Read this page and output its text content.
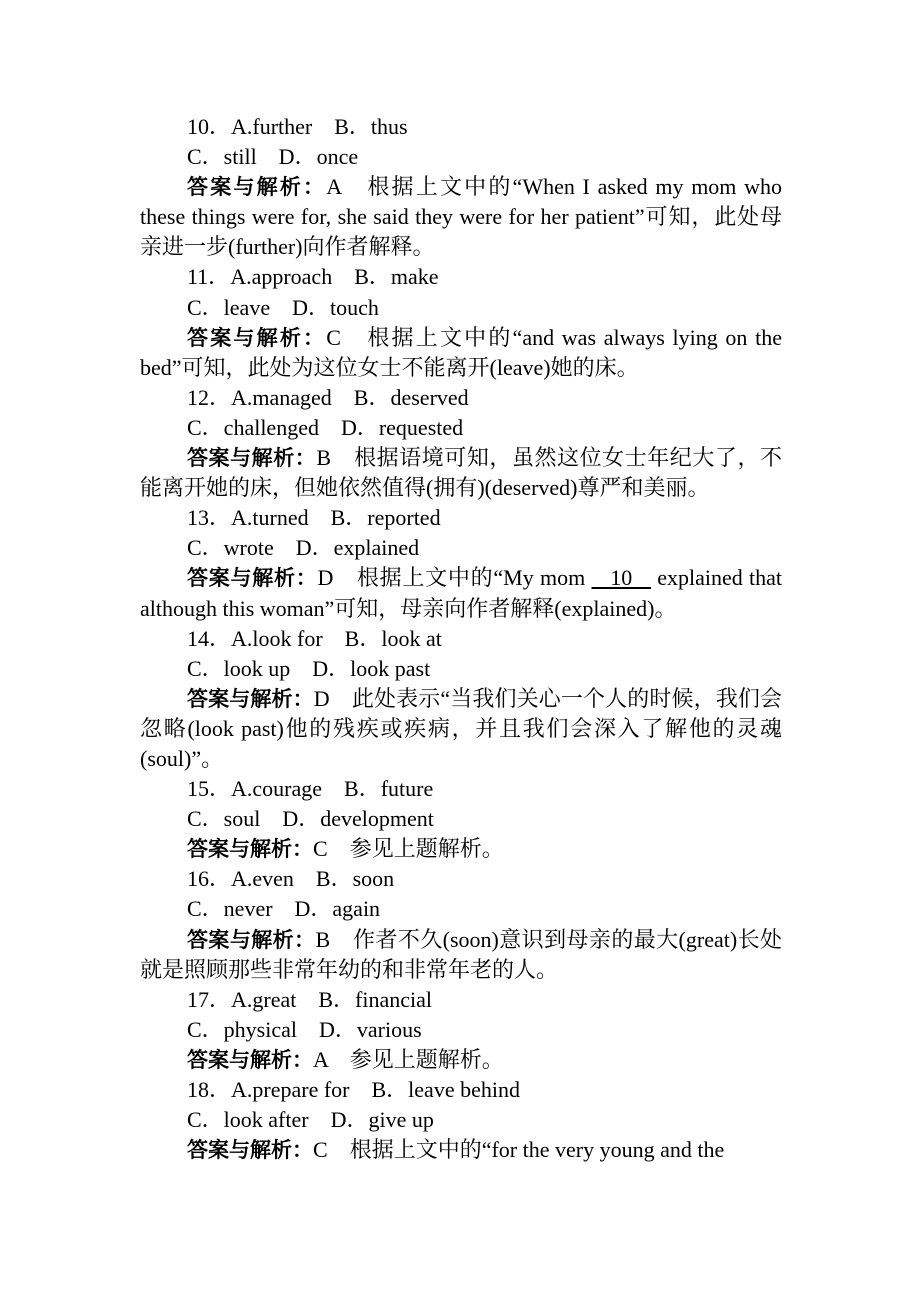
10．A.further　B．thus

C．still　D．once

答案与解析：A　根据上文中的“When I asked my mom who these things were for, she said they were for her patient”可知，此处母亲进一步(further)向作者解释。

11．A.approach　B．make

C．leave　D．touch

答案与解析：C　根据上文中的“and was always lying on the bed”可知，此处为这位女士不能离开(leave)她的床。

12．A.managed　B．deserved

C．challenged　D．requested

答案与解析：B　根据语境可知，虽然这位女士年纪大了，不能离开她的床，但她依然值得(拥有)(deserved)尊严和美丽。

13．A.turned　B．reported

C．wrote　D．explained

答案与解析：D　根据上文中的“My mom    10    explained that although this woman”可知，母亲向作者解释(explained)。

14．A.look for　B．look at

C．look up　D．look past

答案与解析：D　此处表示“当我们关心一个人的时候，我们会忽略(look past)他的残疾或疾病，并且我们会深入了解他的灵魂(soul)”。

15．A.courage　B．future

C．soul　D．development

答案与解析：C　参见上题解析。

16．A.even　B．soon

C．never　D．again

答案与解析：B　作者不久(soon)意识到母亲的最大(great)长处就是照顾那些非常年幼的和非常年老的人。

17．A.great　B．financial

C．physical　D．various

答案与解析：A　参见上题解析。

18．A.prepare for　B．leave behind

C．look after　D．give up

答案与解析：C　根据上文中的“for the very young and the
